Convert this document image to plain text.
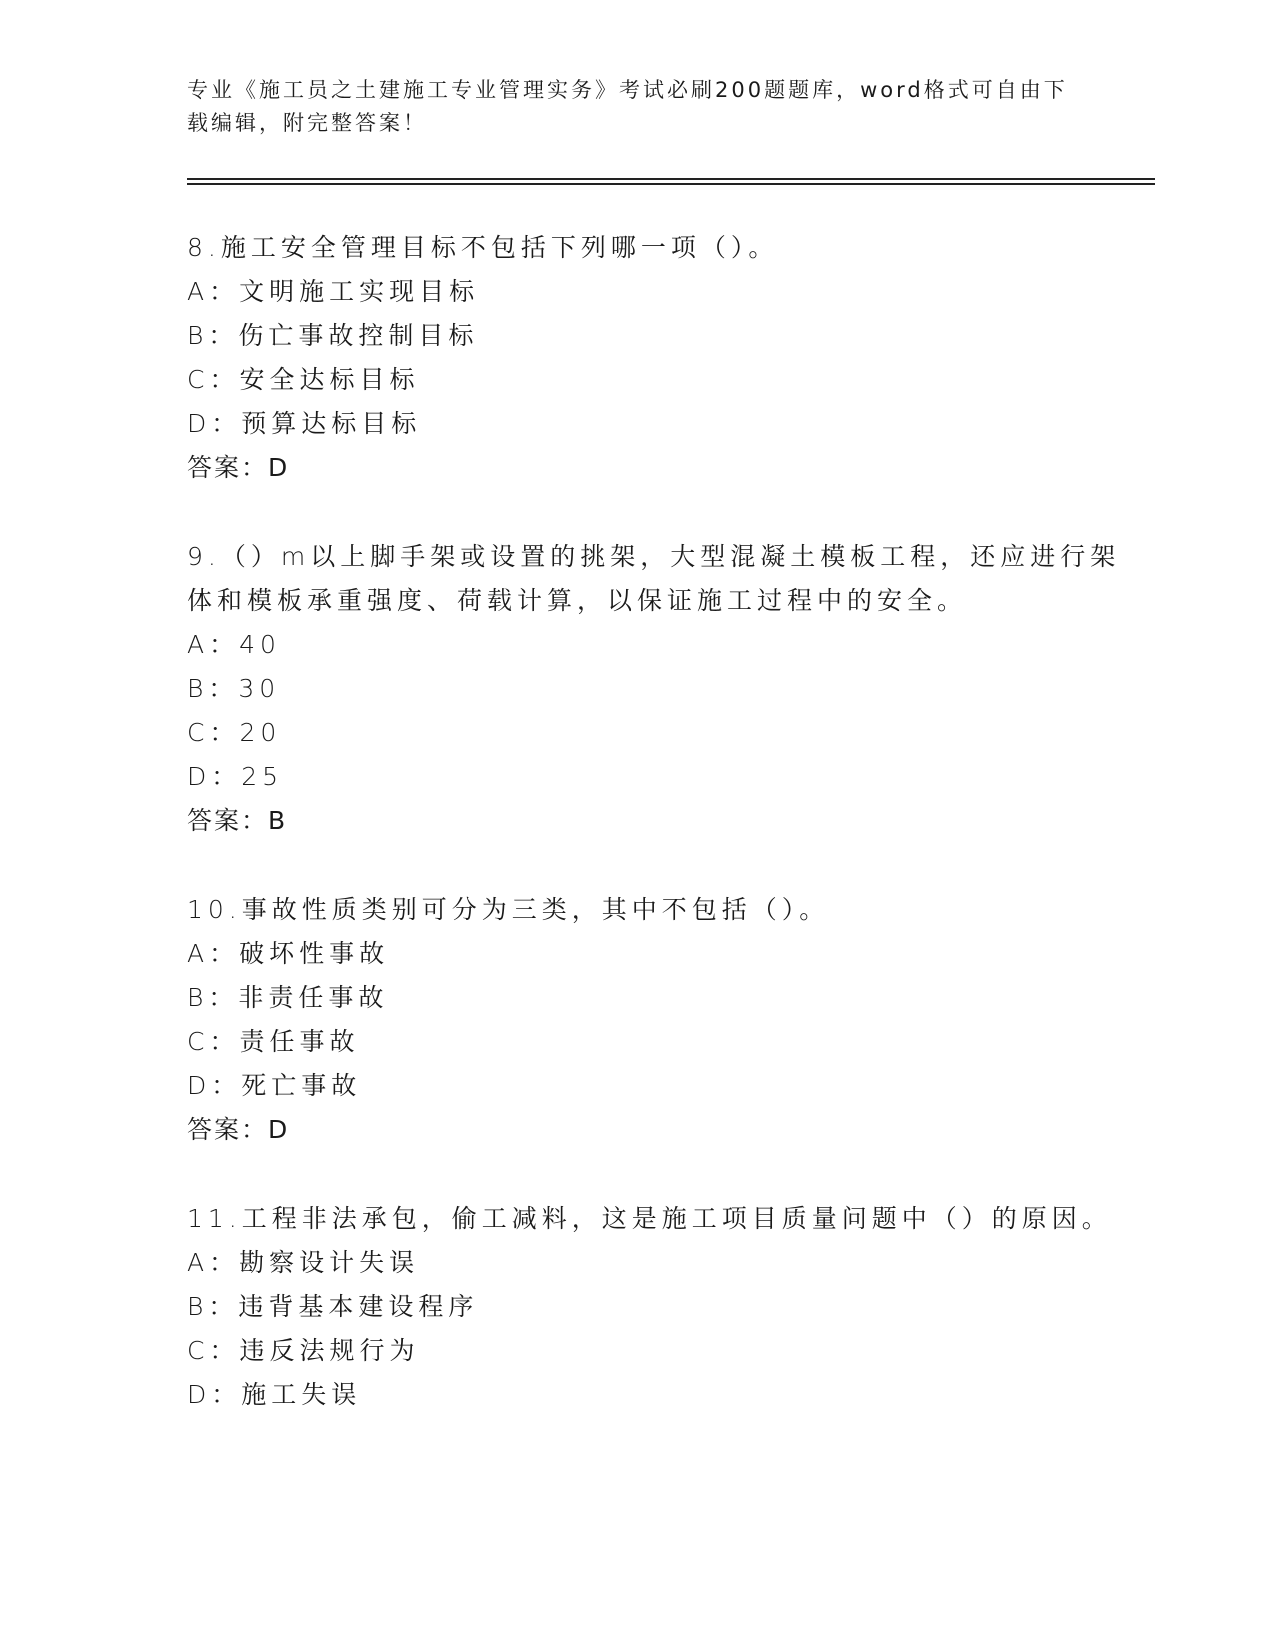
专业《施工员之土建施工专业管理实务》考试必刷200题题库，word格式可自由下载编辑，附完整答案！
8.施工安全管理目标不包括下列哪一项（）。
A：文明施工实现目标
B：伤亡事故控制目标
C：安全达标目标
D：预算达标目标
答案：D
9.（）m以上脚手架或设置的挑架，大型混凝土模板工程，还应进行架
体和模板承重强度、荷载计算，以保证施工过程中的安全。
A：40
B：30
C：20
D：25
答案：B
10.事故性质类别可分为三类，其中不包括（）。
A：破坏性事故
B：非责任事故
C：责任事故
D：死亡事故
答案：D
11.工程非法承包，偷工减料，这是施工项目质量问题中（）的原因。
A：勘察设计失误
B：违背基本建设程序
C：违反法规行为
D：施工失误
